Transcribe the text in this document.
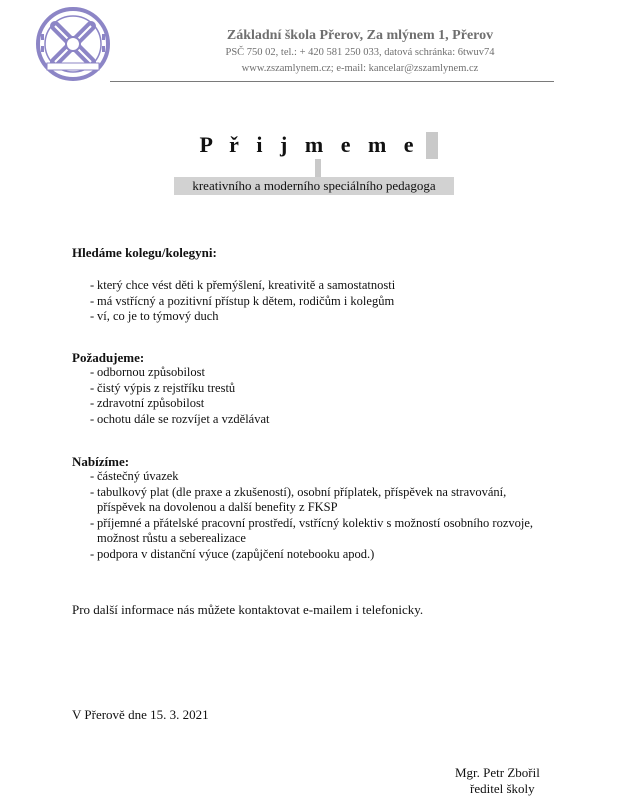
Základní škola Přerov, Za mlýnem 1, Přerov
PSČ 750 02, tel.: + 420 581 250 033, datová schránka: 6twuv74
www.zszamlynem.cz; e-mail: kancelar@zszamlynem.cz
P ř i j m e m e
kreativního a moderního speciálního pedagoga
Hledáme kolegu/kolegyni:
- který chce vést děti k přemýšlení, kreativitě a samostatnosti
- má vstřícný a pozitivní přístup k dětem, rodičům i kolegům
- ví, co je to týmový duch
Požadujeme:
- odbornou způsobilost
- čistý výpis z rejstříku trestů
- zdravotní způsobilost
- ochotu dále se rozvíjet a vzdělávat
Nabízíme:
- částečný úvazek
- tabulkový plat (dle praxe a zkušeností), osobní příplatek, příspěvek na stravování, příspěvek na dovolenou a další benefity z FKSP
- příjemné a přátelské pracovní prostředí, vstřícný kolektiv s možností osobního rozvoje, možnost růstu a seberealizace
- podpora v distanční výuce (zapůjčení notebooku apod.)
Pro další informace nás můžete kontaktovat e-mailem i telefonicky.
V Přerově dne 15. 3. 2021
Mgr. Petr Zbořil
ředitel školy
